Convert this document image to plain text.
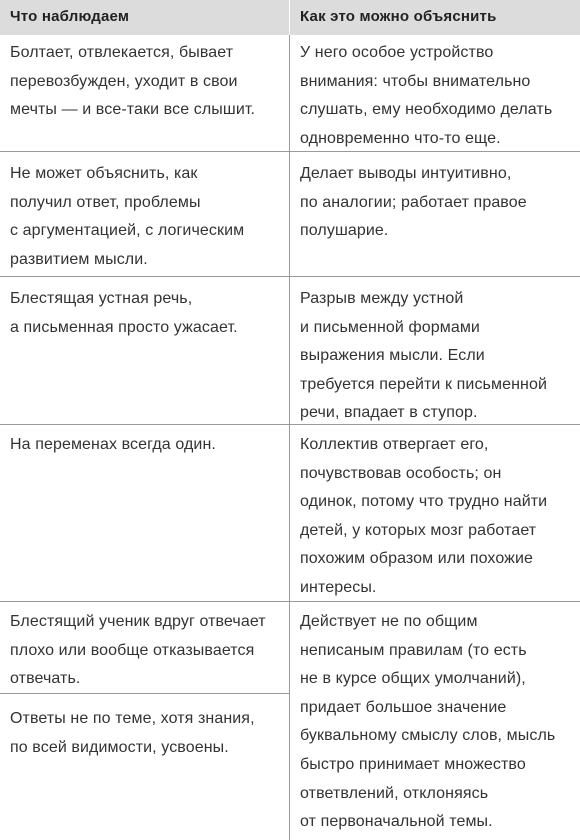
Что наблюдаем	Как это можно объяснить
Болтает, отвлекается, бывает
перевозбужден, уходит в свои
мечты — и все-таки все слышит.
У него особое устройство
внимания: чтобы внимательно
слушать, ему необходимо делать
одновременно что-то еще.
Не может объяснить, как
получил ответ, проблемы
с аргументацией, с логическим
развитием мысли.
Делает выводы интуитивно,
по аналогии; работает правое
полушарие.
Блестящая устная речь,
а письменная просто ужасает.
Разрыв между устной
и письменной формами
выражения мысли. Если
требуется перейти к письменной
речи, впадает в ступор.
На переменах всегда один.	Коллектив отвергает его,
почувствовав особость; он
одинок, потому что трудно найти
детей, у которых мозг работает
похожим образом или похожие
интересы.
Блестящий ученик вдруг отвечает
плохо или вообще отказывается
отвечать.
Ответы не по теме, хотя знания,
по всей видимости, усвоены.
Действует не по общим
неписаным правилам (то есть
не в курсе общих умолчаний),
придает большое значение
буквальному смыслу слов, мысль
быстро принимает множество
ответвлений, отклоняясь
от первоначальной темы.
